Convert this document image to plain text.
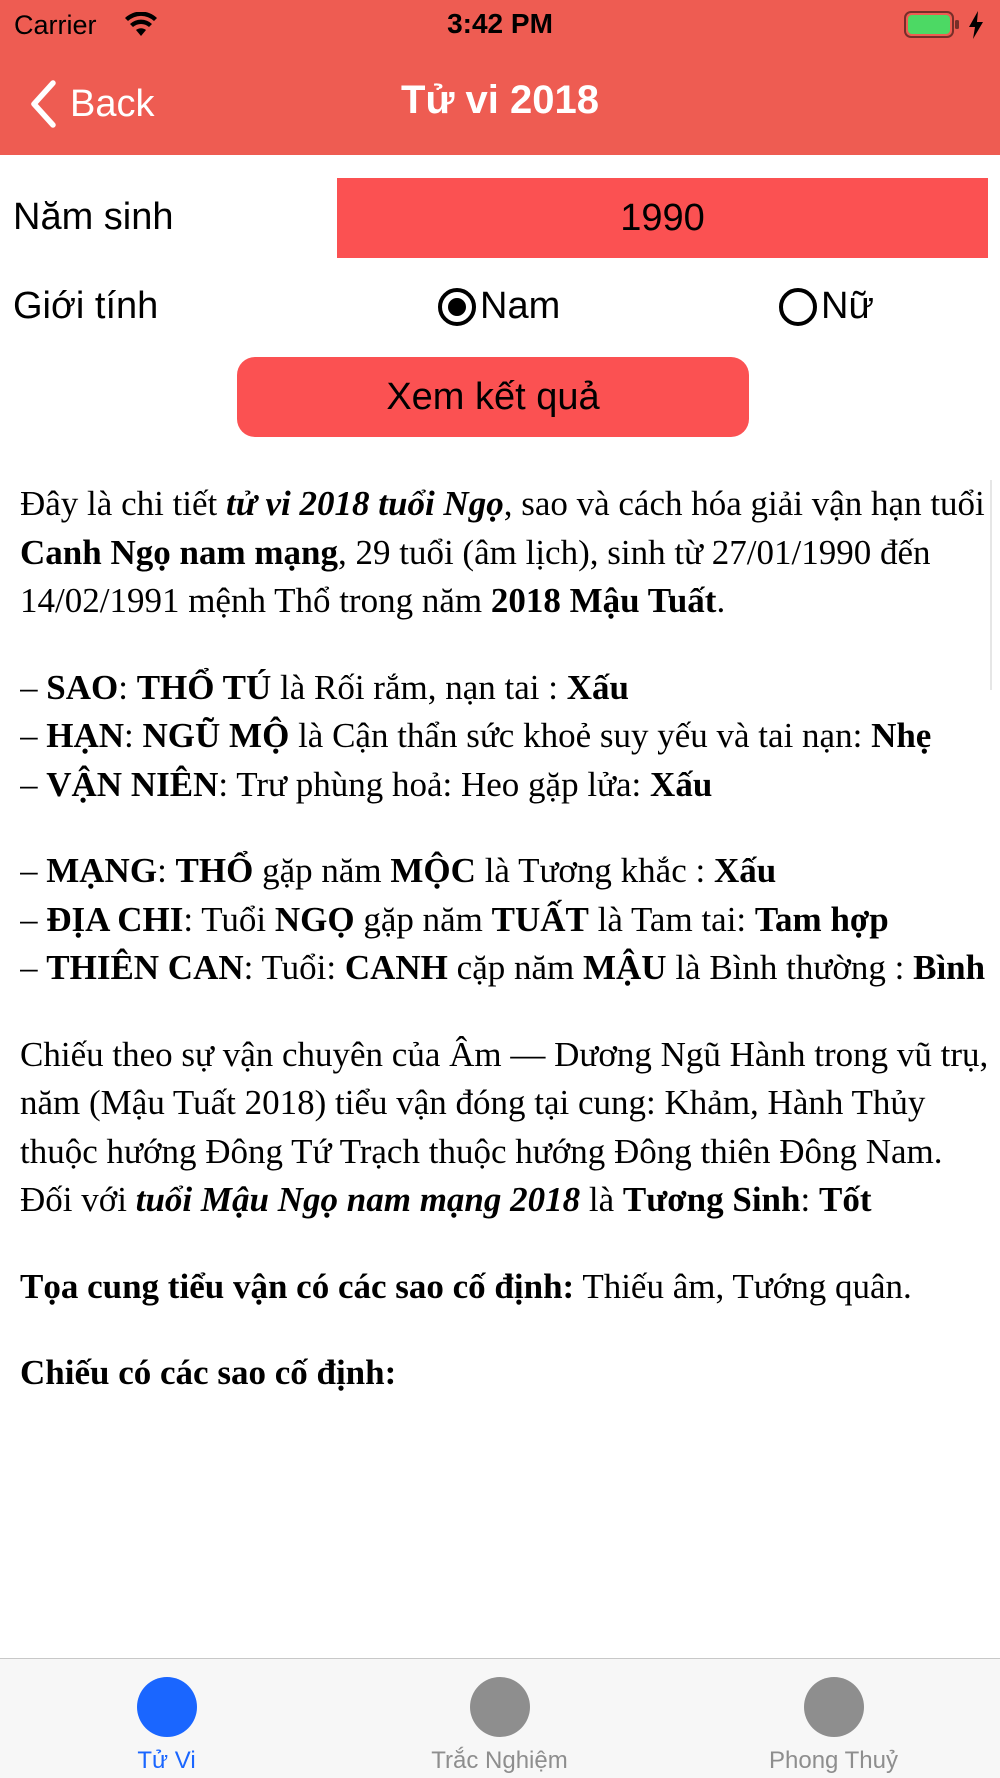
Carrier	3:42 PM
Back	Tử vi 2018
Năm sinh
1990
Giới tính	Nam	Nữ
Xem kết quả

Đây là chi tiết tử vi 2018 tuổi Ngọ, sao và cách hóa giải vận hạn tuổi Canh Ngọ nam mạng, 29 tuổi (âm lịch), sinh từ 27/01/1990 đến 14/02/1991 mệnh Thổ trong năm 2018 Mậu Tuất.

– SAO: THỔ TÚ là Rối rắm, nạn tai : Xấu
– HẠN: NGŨ MỘ là Cận thẩn sức khoẻ suy yếu và tai nạn: Nhẹ
– VẬN NIÊN: Trư phùng hoả: Heo gặp lửa: Xấu

– MẠNG: THỔ gặp năm MỘC là Tương khắc : Xấu
– ĐỊA CHI: Tuổi NGỌ gặp năm TUẤT là Tam tai: Tam hợp
– THIÊN CAN: Tuổi: CANH cặp năm MẬU là Bình thường : Bình

Chiếu theo sự vận chuyên của Âm — Dương Ngũ Hành trong vũ trụ, năm (Mậu Tuất 2018) tiểu vận đóng tại cung: Khảm, Hành Thủy thuộc hướng Đông Tứ Trạch thuộc hướng Đông thiên Đông Nam. Đối với tuổi Mậu Ngọ nam mạng 2018 là Tương Sinh: Tốt

Tọa cung tiểu vận có các sao cố định: Thiếu âm, Tướng quân.

Chiếu có các sao cố định:

Tử Vi	Trắc Nghiệm	Phong Thuỷ
